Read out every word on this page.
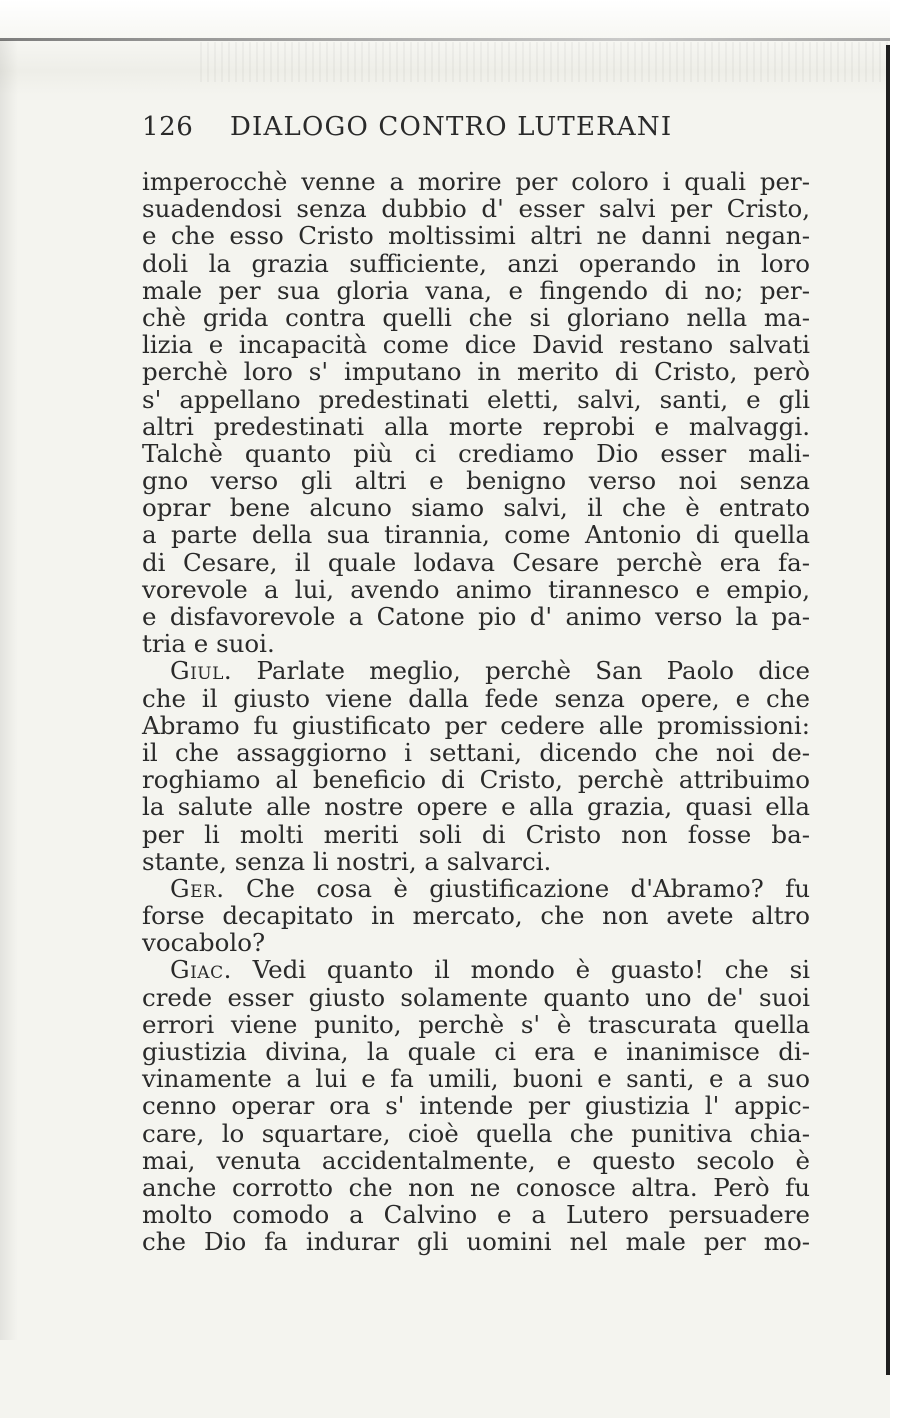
126 DIALOGO CONTRO LUTERANI
imperocchè venne a morire per coloro i quali per-
suadendosi senza dubbio d' esser salvi per Cristo,
e che esso Cristo moltissimi altri ne danni negan-
doli la grazia sufficiente, anzi operando in loro
male per sua gloria vana, e fingendo di no; per-
chè grida contra quelli che si gloriano nella ma-
lizia e incapacità come dice David restano salvati
perchè loro s' imputano in merito di Cristo, però
s' appellano predestinati eletti, salvi, santi, e gli
altri predestinati alla morte reprobi e malvaggi.
Talchè quanto più ci crediamo Dio esser mali-
gno verso gli altri e benigno verso noi senza
oprar bene alcuno siamo salvi, il che è entrato
a parte della sua tirannia, come Antonio di quella
di Cesare, il quale lodava Cesare perchè era fa-
vorevole a lui, avendo animo tirannesco e empio,
e disfavorevole a Catone pio d' animo verso la pa-
tria e suoi.
Giul. Parlate meglio, perchè San Paolo dice
che il giusto viene dalla fede senza opere, e che
Abramo fu giustificato per cedere alle promissioni:
il che assaggiorno i settani, dicendo che noi de-
roghiamo al beneficio di Cristo, perchè attribuimo
la salute alle nostre opere e alla grazia, quasi ella
per li molti meriti soli di Cristo non fosse ba-
stante, senza li nostri, a salvarci.
Ger. Che cosa è giustificazione d'Abramo? fu
forse decapitato in mercato, che non avete altro
vocabolo?
Giac. Vedi quanto il mondo è guasto! che si
crede esser giusto solamente quanto uno de' suoi
errori viene punito, perchè s' è trascurata quella
giustizia divina, la quale ci era e inanimisce di-
vinamente a lui e fa umili, buoni e santi, e a suo
cenno operar ora s' intende per giustizia l' appic-
care, lo squartare, cioè quella che punitiva chia-
mai, venuta accidentalmente, e questo secolo è
anche corrotto che non ne conosce altra. Però fu
molto comodo a Calvino e a Lutero persuadere
che Dio fa indurar gli uomini nel male per mo-
